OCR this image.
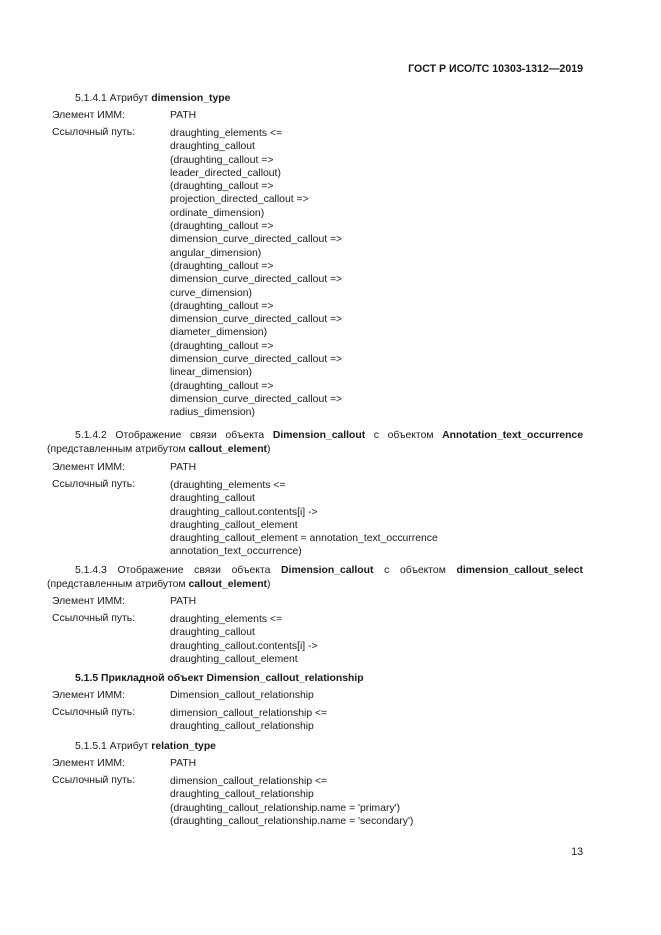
ГОСТ Р ИСО/ТС 10303-1312—2019
5.1.4.1 Атрибут dimension_type
Элемент ИММ:	PATH
Ссылочный путь:	draughting_elements <=
draughting_callout
(draughting_callout =>
leader_directed_callout)
(draughting_callout =>
projection_directed_callout =>
ordinate_dimension)
(draughting_callout =>
dimension_curve_directed_callout =>
angular_dimension)
(draughting_callout =>
dimension_curve_directed_callout =>
curve_dimension)
(draughting_callout =>
dimension_curve_directed_callout =>
diameter_dimension)
(draughting_callout =>
dimension_curve_directed_callout =>
linear_dimension)
(draughting_callout =>
dimension_curve_directed_callout =>
radius_dimension)
5.1.4.2 Отображение связи объекта Dimension_callout с объектом Annotation_text_occurrence
(представленным атрибутом callout_element)
Элемент ИММ:	PATH
Ссылочный путь:	(draughting_elements <=
draughting_callout
draughting_callout.contents[i] ->
draughting_callout_element
draughting_callout_element = annotation_text_occurrence
annotation_text_occurrence)
5.1.4.3 Отображение связи объекта Dimension_callout с объектом dimension_callout_select
(представленным атрибутом callout_element)
Элемент ИММ:	PATH
Ссылочный путь:	draughting_elements <=
draughting_callout
draughting_callout.contents[i] ->
draughting_callout_element
5.1.5 Прикладной объект Dimension_callout_relationship
Элемент ИММ:	Dimension_callout_relationship
Ссылочный путь:	dimension_callout_relationship <=
draughting_callout_relationship
5.1.5.1 Атрибут relation_type
Элемент ИММ:	PATH
Ссылочный путь:	dimension_callout_relationship <=
draughting_callout_relationship
(draughting_callout_relationship.name = 'primary')
(draughting_callout_relationship.name = 'secondary')
13
